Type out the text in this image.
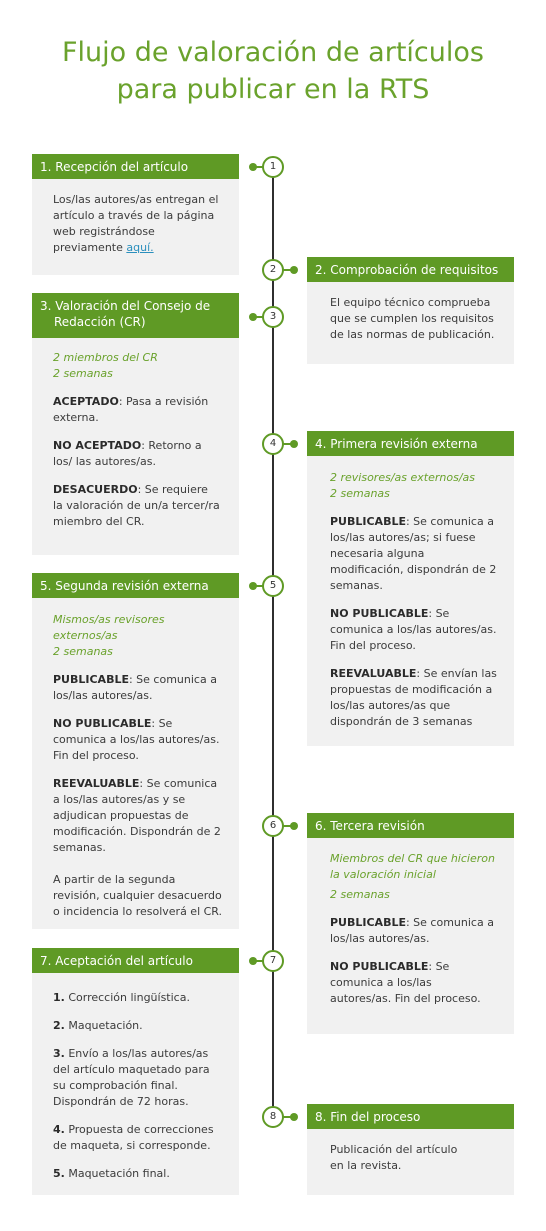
Flujo de valoración de artículos
para publicar en la RTS
1
2
3
4
5
6
7
8
1. Recepción del artículo
Los/las autores/as entregan el artículo a través de la página web registrándose previamente aquí.
2. Comprobación de requisitos
El equipo técnico comprueba que se cumplen los requisitos de las normas de publicación.
3. Valoración del Consejo de Redacción (CR)

2 miembros del CR
2 semanas

ACEPTADO: Pasa a revisión externa.

NO ACEPTADO: Retorno a los/ las autores/as.

DESACUERDO: Se requiere la valoración de un/a tercer/ra miembro del CR.

4. Primera revisión externa

2 revisores/as externos/as
2 semanas

PUBLICABLE: Se comunica a los/las autores/as; si fuese necesaria alguna modificación, dispondrán de 2 semanas.

NO PUBLICABLE: Se comunica a los/las autores/as. Fin del proceso.

REEVALUABLE: Se envían las propuestas de modificación a los/las autores/as que dispondrán de 3 semanas

5. Segunda revisión externa

Mismos/as revisores externos/as
2 semanas

PUBLICABLE: Se comunica a los/las autores/as.

NO PUBLICABLE: Se comunica a los/las autores/as. Fin del proceso.

REEVALUABLE: Se comunica a los/las autores/as y se adjudican propuestas de modificación. Dispondrán de 2 semanas.

A partir de la segunda revisión, cualquier desacuerdo o incidencia lo resolverá el CR.

6. Tercera revisión

Miembros del CR que hicieron la valoración inicial

2 semanas

PUBLICABLE: Se comunica a los/las autores/as.

NO PUBLICABLE: Se comunica a los/las autores/as. Fin del proceso.

7. Aceptación del artículo

1. Corrección lingüística.

2. Maquetación.

3. Envío a los/las autores/as del artículo maquetado para su comprobación final. Dispondrán de 72 horas.

4. Propuesta de correcciones de maqueta, si corresponde.

5. Maquetación final.

8. Fin del proceso
Publicación del artículo en la revista.
